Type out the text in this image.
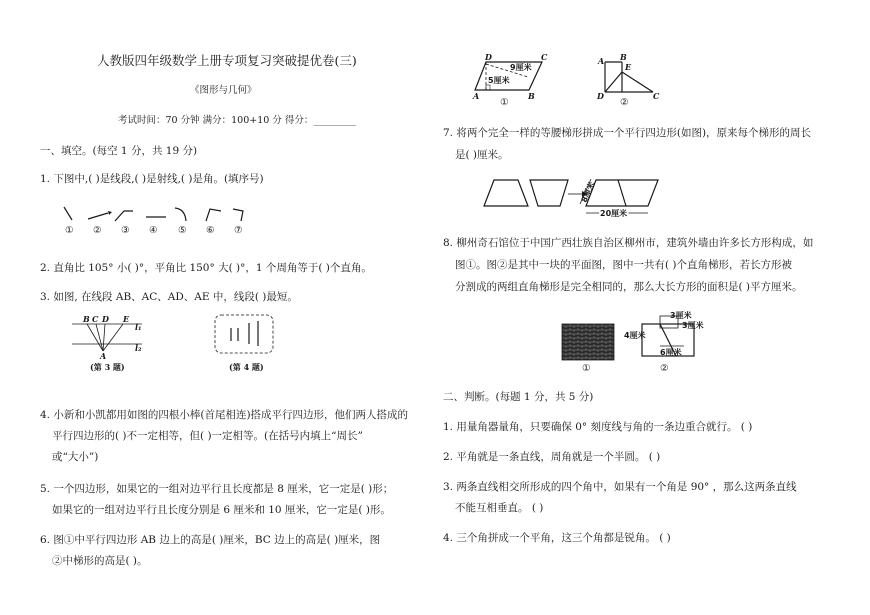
人教版四年级数学上册专项复习突破提优卷(三)
《图形与几何》
考试时间：70 分钟 满分：100+10 分 得分：_________
一、填空。(每空 1 分，共 19 分)
1. 下图中,( )是线段,( )是射线,( )是角。(填序号)
① ② ③ ④ ⑤ ⑥ ⑦
2. 直角比 105° 小( )°，平角比 150° 大( )°，1 个周角等于( )个直角。
3. 如图, 在线段 AB、AC、AD、AE 中，线段( )最短。
B C D E
A
l₁
l₂
(第 3 题)	(第 4 题)
4. 小新和小凯都用如图的四根小棒(首尾相连)搭成平行四边形，他们两人搭成的
平行四边形的( )不一定相等，但( )一定相等。(在括号内填上“周长”
或“大小”)
5. 一个四边形，如果它的一组对边平行且长度都是 8 厘米，它一定是( )形；
如果它的一组对边平行且长度分别是 6 厘米和 10 厘米，它一定是( )形。
6. 图①中平行四边形 AB 边上的高是( )厘米，BC 边上的高是( )厘米，图
②中梯形的高是( )。
D	C
A	B
5厘米
9厘米
①
A
E
D
B
C
②
7. 将两个完全一样的等腰梯形拼成一个平行四边形(如图)，原来每个梯形的周长
是( )厘米。
8厘米
20厘米
8. 柳州奇石馆位于中国广西壮族自治区柳州市，建筑外墙由许多长方形构成，如
图①。图②是其中一块的平面图，图中一共有( )个直角梯形，若长方形被
分割成的两组直角梯形是完全相同的，那么大长方形的面积是( )平方厘米。
①
3厘米
3厘米
4厘米
6厘米
②
二、判断。(每题 1 分，共 5 分)
1. 用量角器量角，只要确保 0° 刻度线与角的一条边重合就行。 ( )
2. 平角就是一条直线，周角就是一个半圆。 ( )
3. 两条直线相交所形成的四个角中，如果有一个角是 90° ，那么这两条直线
不能互相垂直。 ( )
4. 三个角拼成一个平角，这三个角都是锐角。 ( )
